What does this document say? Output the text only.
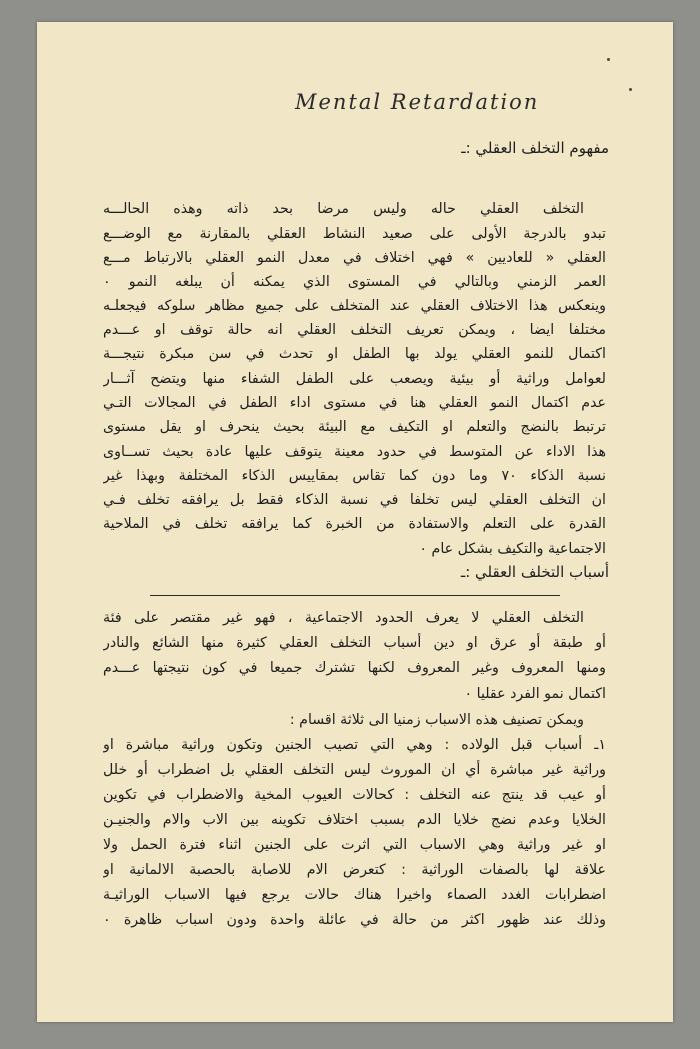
Mental Retardation
مفهوم التخلف العقلي :ـ
التخلف العقلي حاله وليس مرضا بحد ذاته وهذه الحالـــه
تبدو بالدرجة الأولى على صعيد النشاط العقلي بالمقارنة مع الوضـــع
العقلي « للعاديين » فهي اختلاف في معدل النمو العقلي بالارتباط مـــع
العمر الزمني وبالتالي في المستوى الذي يمكنه أن يبلغه النمو ٠
وينعكس هذا الاختلاف العقلي عند المتخلف على جميع مظاهر سلوكه فيجعلـه
مختلفا ايضا ، ويمكن تعريف التخلف العقلي انه حالة توقف او عـــدم
اكتمال للنمو العقلي يولد بها الطفل او تحدث في سن مبكرة نتيجـــة
لعوامل وراثية أو بيئية ويصعب على الطفل الشفاء منها ويتضح آثـــار
عدم اكتمال النمو العقلي هنا في مستوى اداء الطفل في المجالات التـي
ترتبط بالنضج والتعلم او التكيف مع البيئة بحيث ينحرف او يقل مستوى
هذا الاداء عن المتوسط في حدود معينة يتوقف عليها عادة بحيث تســاوى
نسبة الذكاء ٧٠ وما دون كما تقاس بمقاييس الذكاء المختلفة وبهذا غير
ان التخلف العقلي ليس تخلفا في نسبة الذكاء فقط بل يرافقه تخلف فـي
القدرة على التعلم والاستفادة من الخبرة كما يرافقه تخلف في الملاحية
الاجتماعية والتكيف بشكل عام ٠
أسباب التخلف العقلي :ـ
التخلف العقلي لا يعرف الحدود الاجتماعية ، فهو غير مقتصر على فئة
أو طبقة أو عرق او دين أسباب التخلف العقلي كثيرة منها الشائع والنادر
ومنها المعروف وغير المعروف لكنها تشترك جميعا في كون نتيجتها عـــدم
اكتمال نمو الفرد عقليا ٠
ويمكن تصنيف هذه الاسباب زمنيا الى ثلاثة اقسام :
١ـ أسباب قبل الولاده : وهي التي تصيب الجنين وتكون وراثية مباشرة او
وراثية غير مباشرة أي ان الموروث ليس التخلف العقلي بل اضطراب أو خلل
أو عيب قد ينتج عنه التخلف : كحالات العيوب المخية والاضطراب في تكوين
الخلايا وعدم نضج خلايا الدم بسبب اختلاف تكوينه بين الاب والام والجنيـن
او غير وراثية وهي الاسباب التي اثرت على الجنين اثناء فترة الحمل ولا
علاقة لها بالصفات الوراثية : كتعرض الام للاصابة بالحصبة الالمانية او
اضطرابات الغدد الصماء واخيرا هناك حالات يرجع فيها الاسباب الوراثيـة
وذلك عند ظهور اكثر من حالة في عائلة واحدة ودون اسباب ظاهرة ٠
